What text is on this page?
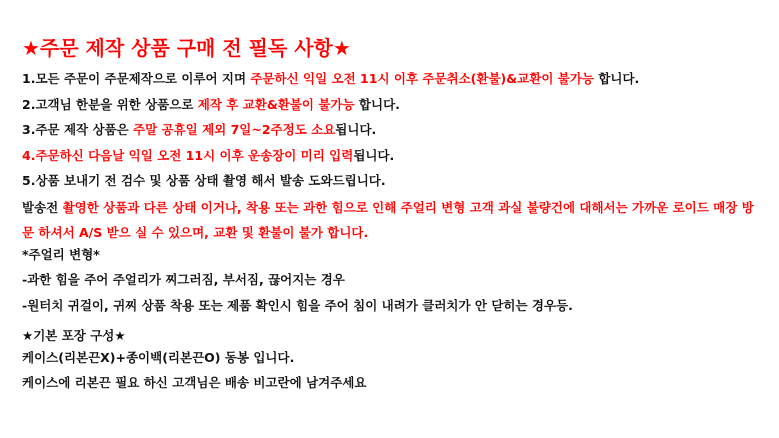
★주문 제작 상품 구매 전 필독 사항★
1.모든 주문이 주문제작으로 이루어 지며 주문하신 익일 오전 11시 이후 주문취소(환불)&교환이 불가능 합니다.
2.고객님 한분을 위한 상품으로 제작 후 교환&환불이 불가능 합니다.
3.주문 제작 상품은 주말 공휴일 제외 7일~2주정도 소요됩니다.
4.주문하신 다음날 익일 오전 11시 이후 운송장이 미리 입력됩니다.
5.상품 보내기 전 검수 및 상품 상태 촬영 해서 발송 도와드립니다.
발송전 촬영한 상품과 다른 상태 이거나, 착용 또는 과한 힘으로 인해 주얼리 변형 고객 과실 불량건에 대해서는 가까운 로이드 매장 방문 하셔서 A/S 받으 실 수 있으며, 교환 및 환불이 불가 합니다.
*주얼리 변형*
-과한 힘을 주어 주얼리가 찌그러짐, 부서짐, 끊어지는 경우
-원터치 귀걸이, 귀찌 상품 착용 또는 제품 확인시 힘을 주어 침이 내려가 클러치가 안 닫히는 경우등.
★기본 포장 구성★
케이스(리본끈X)+종이백(리본끈O) 동봉 입니다.
케이스에 리본끈 필요 하신 고객님은 배송 비고란에 남겨주세요
